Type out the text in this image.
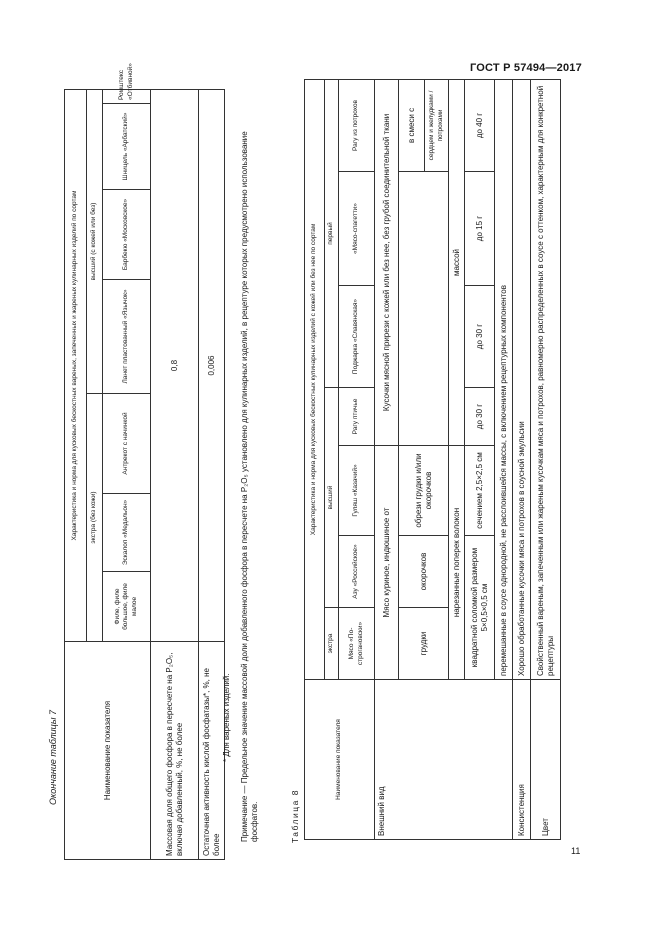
ГОСТ Р 57494—2017
11
Окончание таблицы 7	Наименование показателя	Характеристика и норма для кусковых бескостных вареных, запеченных и жареных кулинарных изделий по сортам						
	экстра (без кожи)			высший (с кожей или без)			
	Филе, филе большое, филе малое	Эскалоп «Медальон»	Антрекот с начинкой	Ланет пластованный «Язычок»	Барбекю «Московское»	Шницель «Арбатский»	Ромштекс «Отбивной»
Массовая доля общего фосфора в пересчете на P₂O₅, включая добавленный, %, не более	0,8						
Остаточная активность кислой фосфатазы*, %, не более	0,006						
* Для вареных изделий. Примечание — Предельное значение массовой доли добавленного фосфора в пересчете на P₂O₅ установлено для кулинарных изделий, в рецептуре которых предусмотрено использование фосфатов.	Таблица 8
Наименование показателя	Характеристика и норма для кусковых бескостных кулинарных изделий с кожей или без нее по сортам						
	экстра	высший			первый		
	Мясо «По-строгановски»	Азу «Российское»	Гуляш «Казачий»	Рагу птичье	Поджарка «Славянская»	«Мясо-спагетти»	Рагу из потрохов
Внешний вид	Мясо куриное, индюшиное от			Кусочки мясной прирези с кожей или без нее, без грубой соединительной ткани			
	грудки	окорочков	обрези грудки и/или окорочков				в смеси с
							сердцем и желудками / потрохами
	нарезанные поперек волокон			массой			
	квадратной соломкой размером 5×0,5×0,5 см		сечением 2,5×2,5 см	до 30 г	до 30 г	до 15 г	до 40 г
	перемешанные в соусе однородной, не расслоившейся массы, с включением рецептурных компонентов						
Консистенция	Хорошо обработанные кусочки мяса и потрохов в соусной эмульсии						
Цвет	Свойственный вареным, запеченным или жареным кусочкам мяса и потрохов, равномерно распределенных в соусе с оттенком, характерным для конкретной рецептуры						
